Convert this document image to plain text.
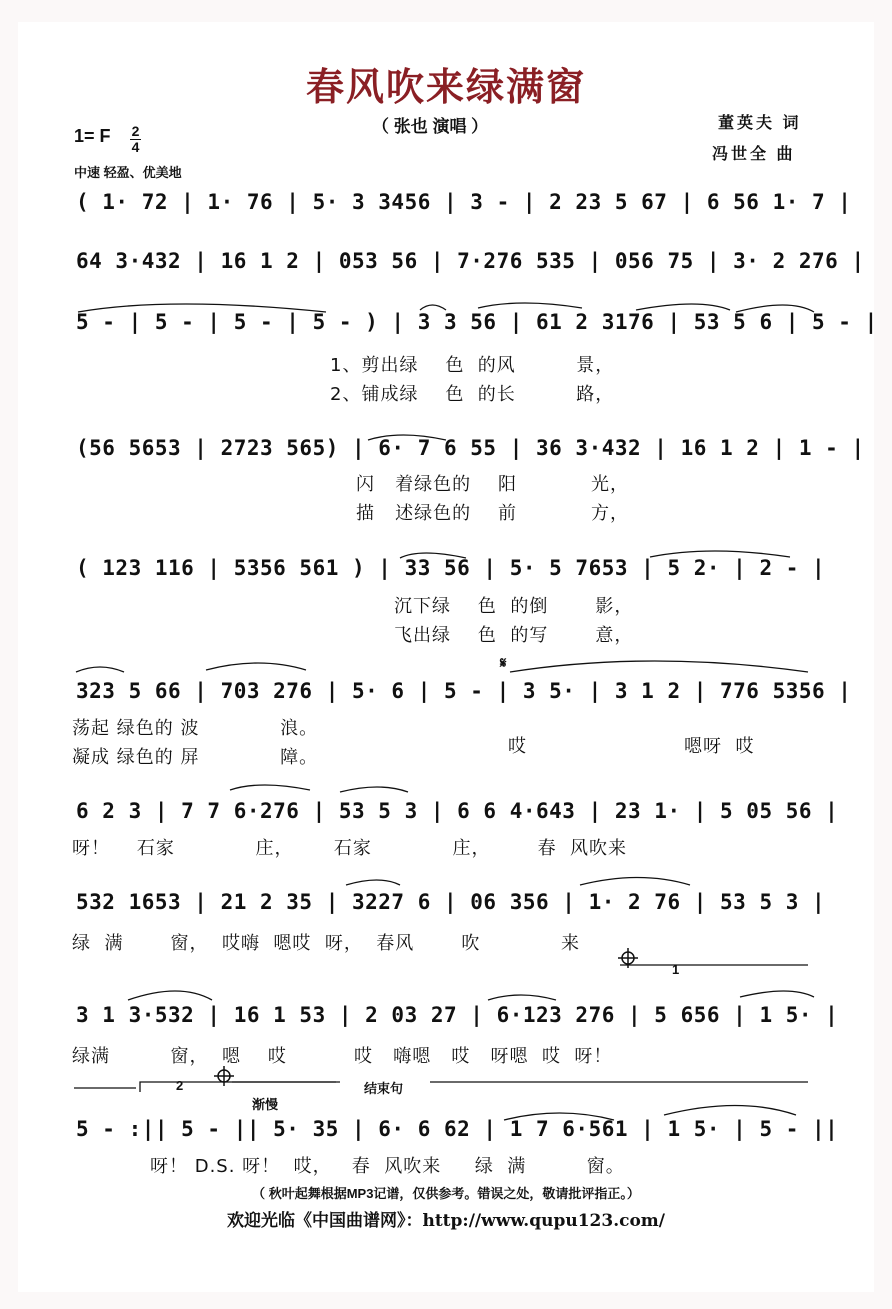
春风吹来绿满窗
（ 张也 演唱 ）	董英夫 词
冯世全 曲
1= F 2
4
中速 轻盈、优美地
( 1· 72 | 1· 76 | 5· 3 3456 | 3 - | 2 23 5 67 | 6 56 1· 7 |
64 3·432 | 16 1 2 | 053 56 | 7·276 535 | 056 75 | 3· 2 276 |
5 - | 5 - | 5 - | 5 - ) | 3 3 56 | 61 2 3176 | 53 5 6 | 5 - |
1、剪出绿    色  的风         景，
2、铺成绿    色  的长         路，
(56 5653 | 2723 565) | 6· 7 6 55 | 36 3·432 | 16 1 2 | 1 - |
闪   着绿色的    阳           光，
描   述绿色的    前           方，
( 123 116 | 5356 561 ) | 33 56 | 5· 5 7653 | 5 2· | 2 - |
沉下绿    色  的倒       影，
飞出绿    色  的写       意，
323 5 66 | 703 276 | 5· 6 | 5 - | 3 5· | 3 1 2 | 776 5356 |
荡起 绿色的 波            浪。
凝成 绿色的 屏            障。
哎	嗯呀  哎
6 2 3 | 7 7 6·276 | 53 5 3 | 6 6 4·643 | 23 1· | 5 05 56 |
呀！    石家            庄，      石家            庄，       春  风吹来
532 1653 | 21 2 35 | 3227 6 | 06 356 | 1· 2 76 | 53 5 3 |
绿  满       窗，  哎嗨  嗯哎  呀，  春风       吹            来
1
3 1 3·532 | 16 1 53 | 2 03 27 | 6·123 276 | 5 656 | 1 5· |
绿满         窗，  嗯    哎          哎   嗨嗯   哎   呀嗯  哎  呀！
2
渐慢
结束句
5 - :|| 5 - || 5· 35 | 6· 6 62 | 1 7 6·561 | 1 5· | 5 - ||
呀！ D.S. 呀！  哎，   春  风吹来     绿  满         窗。
（ 秋叶起舞根据MP3记谱，仅供参考。错误之处，敬请批评指正。）
欢迎光临《中国曲谱网》：http://www.qupu123.com/
𝄋
